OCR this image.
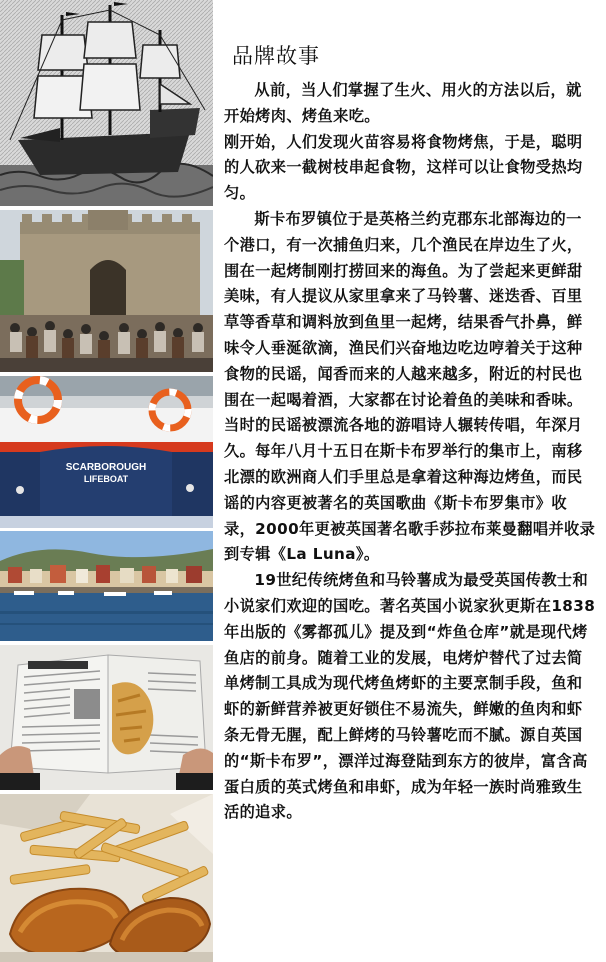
SCARBOROUGH
LIFEBOAT
品牌故事

从前，当人们掌握了生火、用火的方法以后，就开始烤肉、烤鱼来吃。

刚开始，人们发现火苗容易将食物烤焦，于是，聪明的人砍来一截树枝串起食物，这样可以让食物受热均匀。

斯卡布罗镇位于是英格兰约克郡东北部海边的一个港口，有一次捕鱼归来，几个渔民在岸边生了火，围在一起烤制刚打捞回来的海鱼。为了尝起来更鲜甜美味，有人提议从家里拿来了马铃薯、迷迭香、百里草等香草和调料放到鱼里一起烤，结果香气扑鼻，鲜味令人垂涎欲滴，渔民们兴奋地边吃边哼着关于这种食物的民谣，闻香而来的人越来越多，附近的村民也围在一起喝着酒，大家都在讨论着鱼的美味和香味。当时的民谣被漂流各地的游唱诗人辗转传唱，年深月久。每年八月十五日在斯卡布罗举行的集市上，南移北漂的欧洲商人们手里总是拿着这种海边烤鱼，而民谣的内容更被著名的英国歌曲《斯卡布罗集市》收录，2000年更被英国著名歌手莎拉布莱曼翻唱并收录到专辑《La Luna》。

19世纪传统烤鱼和马铃薯成为最受英国传教士和小说家们欢迎的国吃。著名英国小说家狄更斯在1838年出版的《雾都孤儿》提及到“炸鱼仓库”就是现代烤鱼店的前身。随着工业的发展，电烤炉替代了过去简单烤制工具成为现代烤鱼烤虾的主要烹制手段，鱼和虾的新鲜营养被更好锁住不易流失，鲜嫩的鱼肉和虾条无骨无腥，配上鲜烤的马铃薯吃而不腻。源自英国的“斯卡布罗”，漂洋过海登陆到东方的彼岸，富含高蛋白质的英式烤鱼和串虾，成为年轻一族时尚雅致生活的追求。
